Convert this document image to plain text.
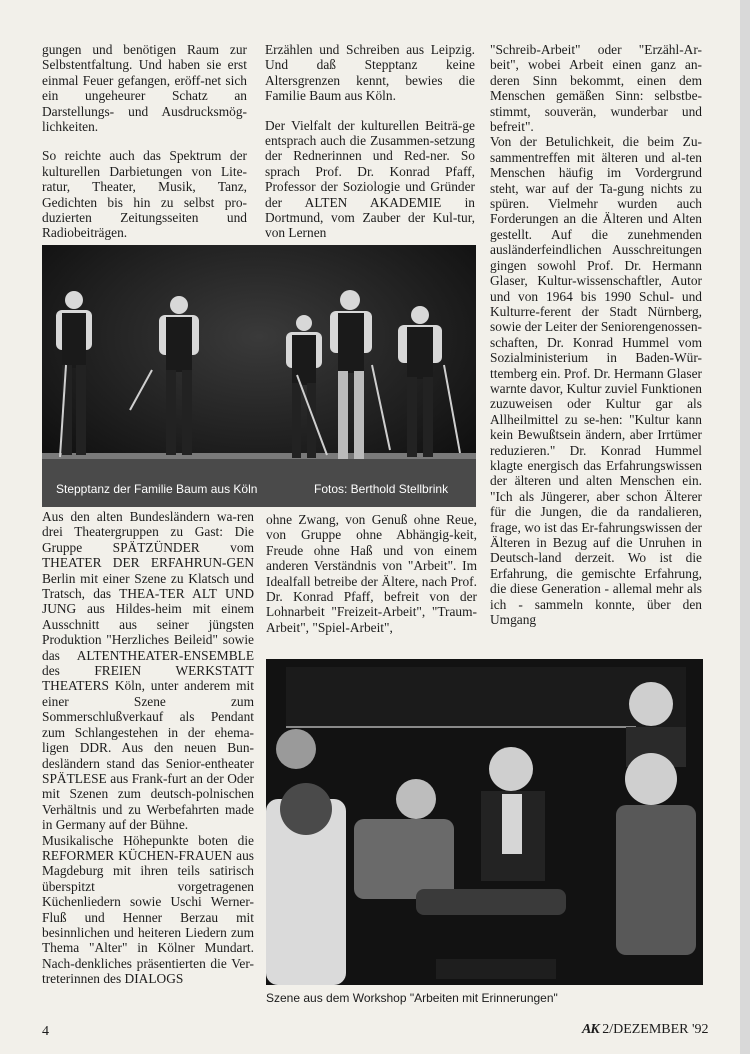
gungen und benötigen Raum zur Selbstentfaltung. Und haben sie erst einmal Feuer gefangen, eröff-net sich ein ungeheurer Schatz an Darstellungs- und Ausdrucksmög-lichkeiten.

So reichte auch das Spektrum der kulturellen Darbietungen von Lite-ratur, Theater, Musik, Tanz, Gedichten bis hin zu selbst pro-duzierten Zeitungsseiten und Radiobeiträgen.

Erzählen und Schreiben aus Leipzig. Und daß Stepptanz keine Altersgrenzen kennt, bewies die Familie Baum aus Köln.

Der Vielfalt der kulturellen Beiträ-ge entsprach auch die Zusammen-setzung der Rednerinnen und Red-ner. So sprach Prof. Dr. Konrad Pfaff, Professor der Soziologie und Gründer der ALTEN AKADEMIE in Dortmund, vom Zauber der Kul-tur, von Lernen

"Schreib-Arbeit" oder "Erzähl-Ar-beit", wobei Arbeit einen ganz an-deren Sinn bekommt, einen dem Menschen gemäßen Sinn: selbstbe-stimmt, souverän, wunderbar und befreit".
Von der Betulichkeit, die beim Zu-sammentreffen mit älteren und al-ten Menschen häufig im Vordergrund steht, war auf der Ta-gung nichts zu spüren. Vielmehr wurden auch Forderungen an die Älteren und Alten gestellt. Auf die zunehmenden ausländerfeindlichen Ausschreitungen gingen sowohl Prof. Dr. Hermann Glaser, Kultur-wissenschaftler, Autor und von 1964 bis 1990 Schul- und Kulturre-ferent der Stadt Nürnberg, sowie der Leiter der Seniorengenossen-schaften, Dr. Konrad Hummel vom Sozialministerium in Baden-Wür-ttemberg ein. Prof. Dr. Hermann Glaser warnte davor, Kultur zuviel Funktionen zuzuweisen oder Kultur gar als Allheilmittel zu se-hen: "Kultur kann kein Bewußtsein ändern, aber Irrtümer reduzieren." Dr. Konrad Hummel klagte energisch das Erfahrungswissen der älteren und alten Menschen ein. "Ich als Jüngerer, aber schon Älterer für die Jungen, die da randalieren, frage, wo ist das Er-fahrungswissen der Älteren in Bezug auf die Unruhen in Deutsch-land derzeit. Wo ist die Erfahrung, die gemischte Erfahrung, die diese Generation - allemal mehr als ich - sammeln konnte, über den Umgang

Stepptanz der Familie Baum aus Köln	Fotos: Berthold Stellbrink

Aus den alten Bundesländern wa-ren drei Theatergruppen zu Gast: Die Gruppe SPÄTZÜNDER vom THEATER DER ERFAHRUN-GEN Berlin mit einer Szene zu Klatsch und Tratsch, das THEA-TER ALT UND JUNG aus Hildes-heim mit einem Ausschnitt aus seiner jüngsten Produktion "Herzliches Beileid" sowie das ALTENTHEATER-ENSEMBLE des FREIEN WERKSTATT THEATERS Köln, unter anderem mit einer Szene zum Sommerschlußverkauf als Pendant zum Schlangestehen in der ehema-ligen DDR. Aus den neuen Bun-desländern stand das Senior-entheater SPÄTLESE aus Frank-furt an der Oder mit Szenen zum deutsch-polnischen Verhältnis und zu Werbefahrten made in Germany auf der Bühne.
Musikalische Höhepunkte boten die REFORMER KÜCHEN-FRAUEN aus Magdeburg mit ihren teils satirisch überspitzt vorgetragenen Küchenliedern sowie Uschi Werner-Fluß und Henner Berzau mit besinnlichen und heiteren Liedern zum Thema "Alter" in Kölner Mundart. Nach-denkliches präsentierten die Ver-treterinnen des DIALOGS

ohne Zwang, von Genuß ohne Reue, von Gruppe ohne Abhängig-keit, Freude ohne Haß und von einem anderen Verständnis von "Arbeit". Im Idealfall betreibe der Ältere, nach Prof. Dr. Konrad Pfaff, befreit von der Lohnarbeit "Freizeit-Arbeit", "Traum-Arbeit", "Spiel-Arbeit",

Szene aus dem Workshop "Arbeiten mit Erinnerungen"
4	AK 2/DEZEMBER '92
